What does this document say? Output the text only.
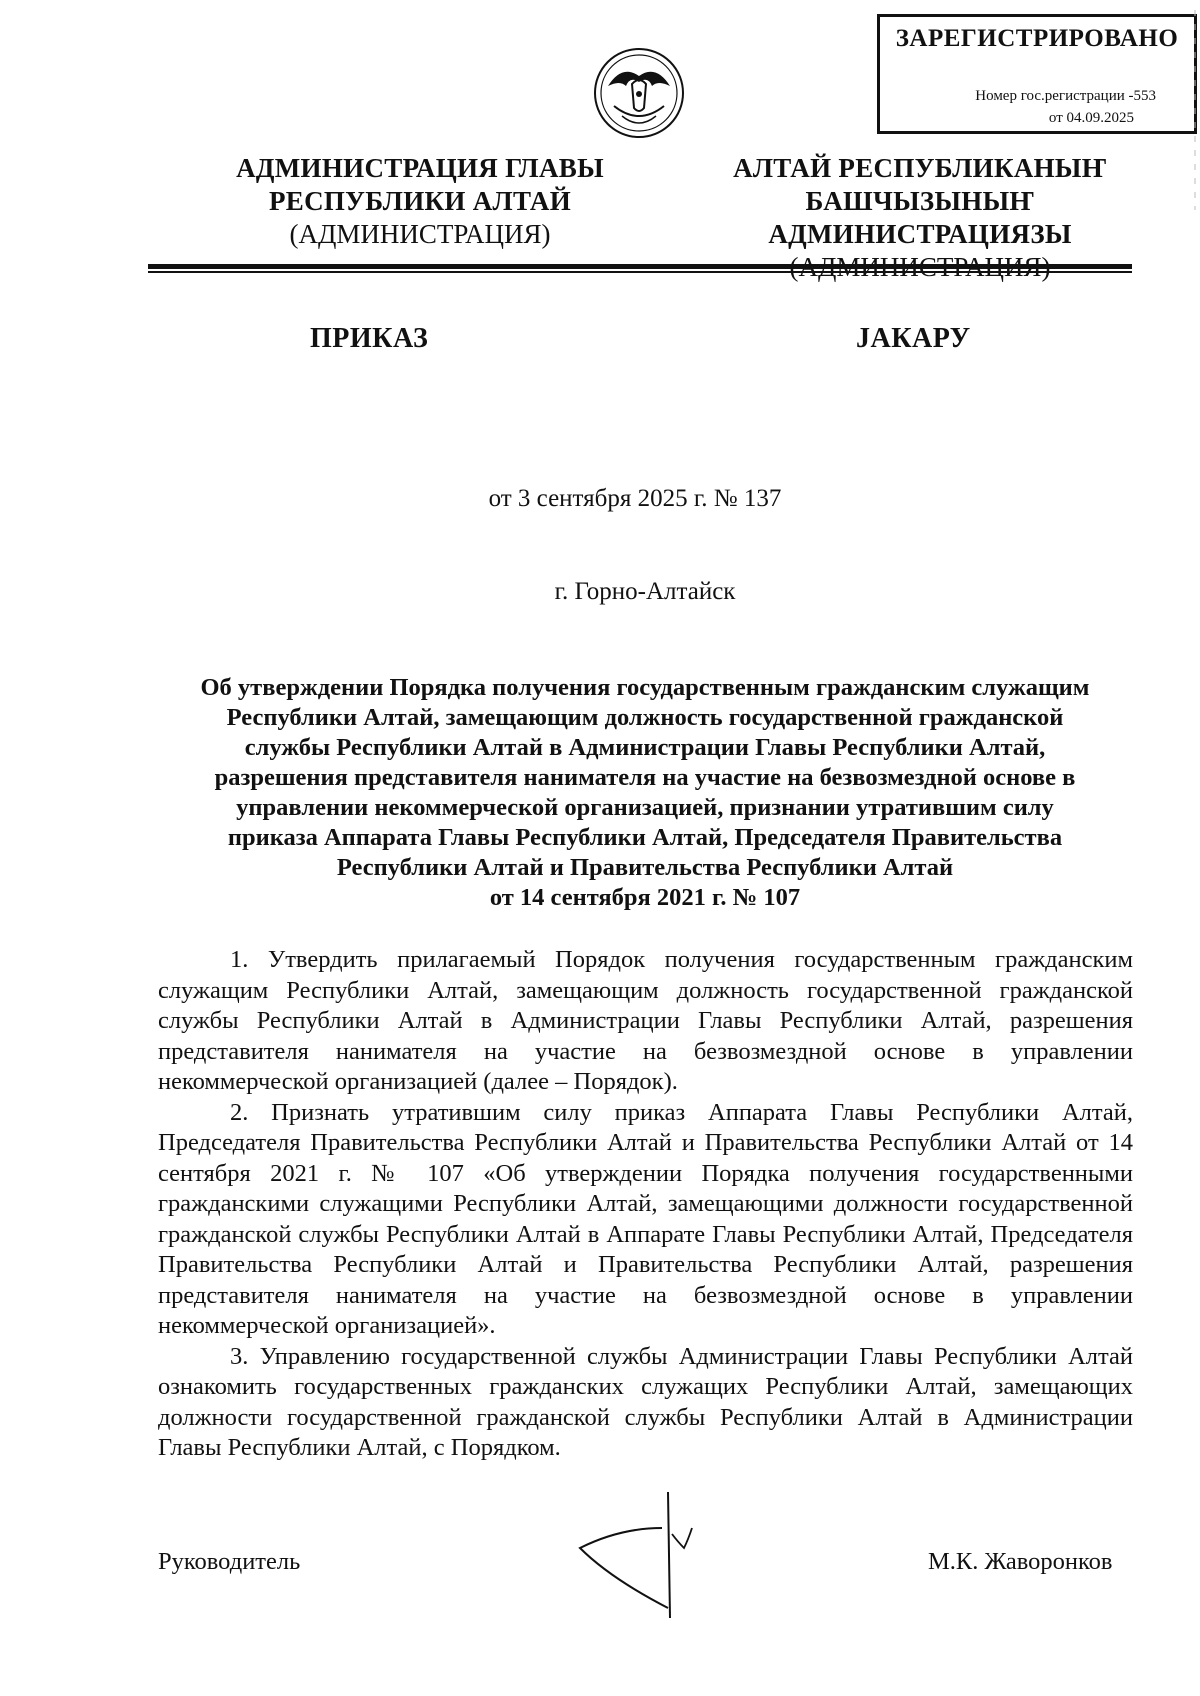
ЗАРЕГИСТРИРОВАНО
Номер гос.регистрации -553
от 04.09.2025
АДМИНИСТРАЦИЯ ГЛАВЫ
РЕСПУБЛИКИ АЛТАЙ
(АДМИНИСТРАЦИЯ)
АЛТАЙ РЕСПУБЛИКАНЫҤ
БАШЧЫЗЫНЫҤ
АДМИНИСТРАЦИЯЗЫ
ПРИКАЗ	JАКАРУ
от 3 сентября 2025 г. № 137
г. Горно-Алтайск
Об утверждении Порядка получения государственным гражданским служащим
Республики Алтай, замещающим должность государственной гражданской
службы Республики Алтай в Администрации Главы Республики Алтай,
разрешения представителя нанимателя на участие на безвозмездной основе в
управлении некоммерческой организацией, признании утратившим силу
приказа Аппарата Главы Республики Алтай, Председателя Правительства
Республики Алтай и Правительства Республики Алтай
от 14 сентября 2021 г. № 107

1. Утвердить прилагаемый Порядок получения государственным гражданским служащим Республики Алтай, замещающим должность государственной гражданской службы Республики Алтай в Администрации Главы Республики Алтай, разрешения представителя нанимателя на участие на безвозмездной основе в управлении некоммерческой организацией (далее – Порядок).

2. Признать утратившим силу приказ Аппарата Главы Республики Алтай, Председателя Правительства Республики Алтай и Правительства Республики Алтай от 14 сентября 2021 г. № 107 «Об утверждении Порядка получения государственными гражданскими служащими Республики Алтай, замещающими должности государственной гражданской службы Республики Алтай в Аппарате Главы Республики Алтай, Председателя Правительства Республики Алтай и Правительства Республики Алтай, разрешения представителя нанимателя на участие на безвозмездной основе в управлении некоммерческой организацией».

3. Управлению государственной службы Администрации Главы Республики Алтай ознакомить государственных гражданских служащих Республики Алтай, замещающих должности государственной гражданской службы Республики Алтай в Администрации Главы Республики Алтай, с Порядком.

Руководитель	М.К. Жаворонков
